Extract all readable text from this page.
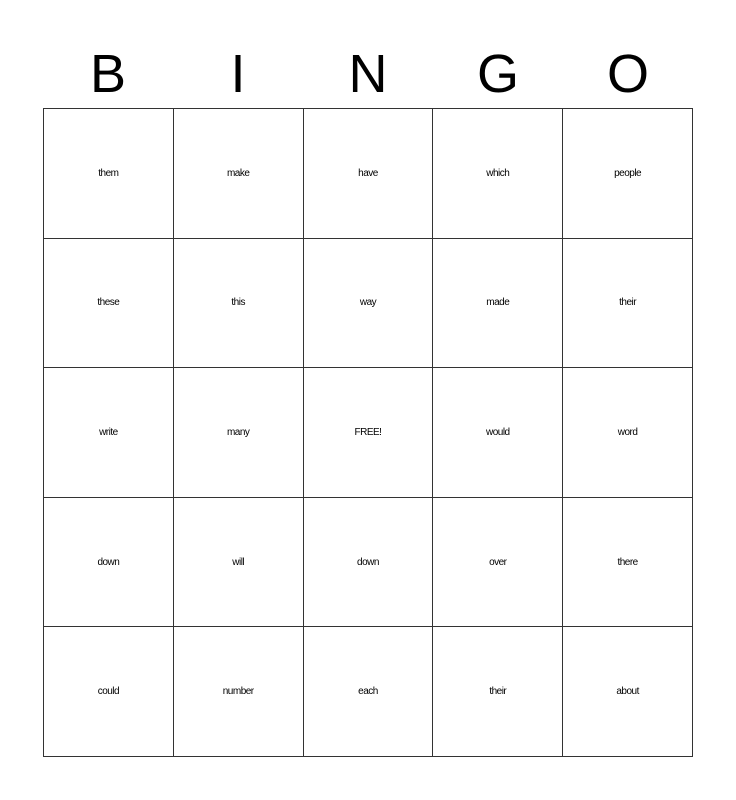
B	I	N	G	O
them	make	have	which	people
these	this	way	made	their
write	many	FREE!	would	word
down	will	down	over	there
could	number	each	their	about
